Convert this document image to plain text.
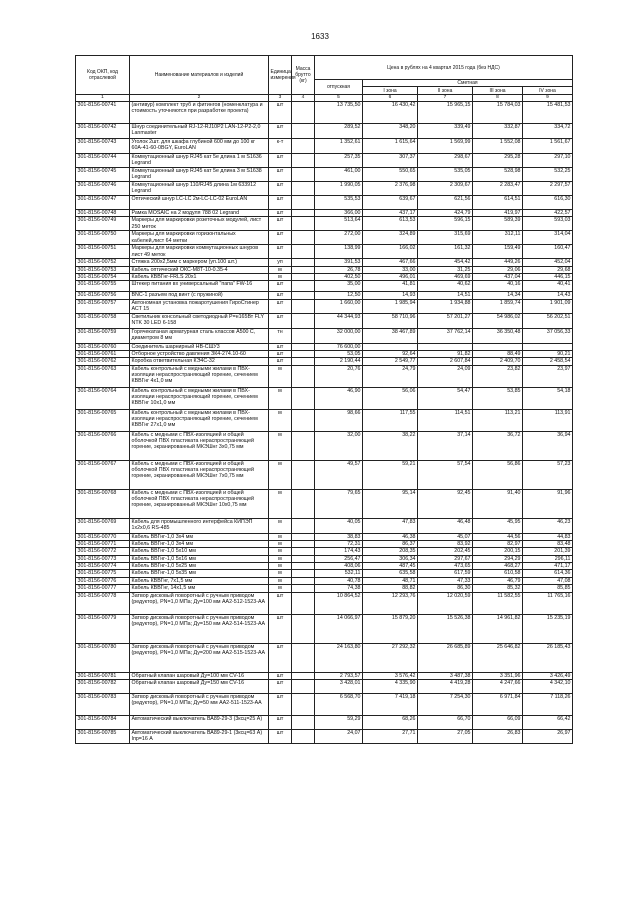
1633
Код ОКП, код отраслевой	Наименование материалов и изделий	Единица измерения	Масса брутто (кг)	Цена в рублях на 4 квартал 2015 года (без НДС)				
				отпускная	Сметная			
					I зона	II зона	III зона	IV зона
1	2	3	4	5	6	7	8	9
301-8156-00741	(антивур) комплект труб и фитингов (номенклатура и стоимость уточняются при разработке проекта)	шт		13 735,50	16 430,42	15 965,15	15 784,03	15 481,53
301-8156-00742	Шнур соединительный RJ-12-RJ10P2 LAN-12-P2-2,0 Lanmaster	шт		289,52	348,20	339,49	332,87	334,72
301-8156-00743	Уголок 2шт. для шкафа глубиной 600 мм до 100 кг 60A-41-60-0BGY, EuroLAN	к-т		1 352,61	1 615,64	1 569,99	1 552,08	1 561,67
301-8156-00744	Коммутационный шнур RJ45 кат 5e длина 1 м S1636 Legrand	шт		257,35	307,37	298,67	295,28	297,10
301-8156-00745	Коммутационный шнур RJ45 кат 5e длина 3 м S1638 Legrand	шт		461,00	550,65	535,05	528,98	532,25
301-8156-00746	Коммутационный шнур 110/RJ45 длина 1м 633912 Legrand	шт		1 990,05	2 376,98	2 309,67	2 283,47	2 297,57
301-8156-00747	Оптический шнур LC-LC 2м-LC-LC-02 EuroLAN	шт		535,53	639,67	621,56	614,51	616,30
301-8156-00748	Рамка MOSAIC на 2 модуля 788 02 Legrand	шт		366,00	437,17	424,79	419,97	422,57
301-8156-00749	Маркеры для маркировки розеточных модулей, лист 250 меток	шт		513,64	613,53	596,15	589,39	593,03
301-8156-00750	Маркеры для маркировки горизонтальных кабелей,лист 64 метки	шт		272,00	324,89	315,69	312,11	314,04
301-8156-00751	Маркеры для маркировки коммутационных шнуров лист 49 меток	шт		138,99	166,02	161,32	159,49	160,47
301-8156-00752	Стяжка 200х2,5мм с маркером (уп.100 шт.)	уп		391,53	467,66	454,42	449,26	452,04
301-8156-00753	Кабель оптический ОКС-М8Т-10-0.35-4	м		26,78	33,00	31,25	29,06	29,68
301-8156-00754	Кабель КВВГнг-FRLS 20х1	м		402,50	496,01	469,69	437,04	446,15
301-8156-00755	Штекер питания вх универсальный "папа" FW-16	шт		35,00	41,81	40,62	40,16	40,41
301-8156-00756	BNC-1 разъем под винт (с пружиной)	шт		12,50	14,93	14,51	14,34	14,43
301-8156-00757	Автономная установка пожаротушения ГироСтинер АСТ 15	шт		1 660,00	1 985,94	1 934,88	1 859,74	1 901,09
301-8156-00758	Светильник консольный светодиодный Р=н165Вт FLY NTK 30 LED 6-158	шт		44 344,93	58 710,96	57 201,27	54 986,02	56 202,51
301-8156-00759	Горячекатаная арматурная сталь классов А500 С, диаметром 8 мм	тн		32 000,00	38 467,89	37 762,14	36 350,48	37 056,33
301-8156-00760	Соединитель шарнирный НВ-СШУ3	шт		76 600,00				
301-8156-00761	Отборное устройство давления ЗК4-274.10-60	шт		53,05	92,64	91,82	88,49	90,21
301-8156-00762	Коробка ответвительная КЭ4С-32	шт		2 190,44	2 549,77	2 607,84	2 409,70	2 458,54
301-8156-00763	Кабель контрольный с медными жилами в ПВХ-изоляции нераспространяющий горение, сечением КВВГнг 4х1,0 мм	м		20,76	24,79	24,09	23,82	23,97
301-8156-00764	Кабель контрольный с медными жилами в ПВХ-изоляции нераспространяющий горение, сечением КВВГнг 10х1,0 мм	м		46,90	56,06	54,47	53,85	54,18
301-8156-00765	Кабель контрольный с медными жилами в ПВХ-изоляции нераспространяющий горение, сечением КВВГнг 27х1,0 мм	м		98,66	117,55	114,51	113,21	113,91
301-8156-00766	Кабель с медными с ПВХ-изоляцией и общей оболочкой ПВХ пластиката нераспространяющей горение, экранированный МКЭШнг 3х0,75 мм	м		32,00	38,22	37,14	36,72	36,94
301-8156-00767	Кабель с медными с ПВХ-изоляцией и общей оболочкой ПВХ пластиката нераспространяющей горение, экранированный МКЭШнг 7х0,75 мм	м		49,57	59,21	57,54	56,86	57,23
301-8156-00768	Кабель с медными с ПВХ-изоляцией и общей оболочкой ПВХ пластиката нераспространяющей горение, экранированный МКЭШнг 10х0,75 мм	м		79,65	95,14	92,45	91,40	91,96
301-8156-00769	Кабель для промышленного интерфейса КИПЭП 1х2х0,6 RS-485	м		40,05	47,83	46,48	45,95	46,23
301-8156-00770	Кабель ВВГнг-1,0 3х4 мм	м		38,83	46,38	45,07	44,56	44,83
301-8156-00771	Кабель ВВГнг-1,0 3х4 мм	м		72,31	86,37	83,92	82,97	83,48
301-8156-00772	Кабель ВВГнг-1,0 5х10 мм	м		174,43	208,35	202,45	200,15	201,39
301-8156-00773	Кабель ВВГнг-1,0 5х16 мм	м		256,47	306,34	297,67	294,29	296,11
301-8156-00774	Кабель ВВГнг-1,0 5х25 мм	м		408,06	487,45	473,65	468,27	471,17
301-8156-00775	Кабель ВВГнг-1,0 5х35 мм	м		532,11	635,58	617,59	610,58	614,36
301-8156-00776	Кабель КВВГнг, 7х1,5 мм	м		40,78	48,71	47,33	46,79	47,08
301-8156-00777	Кабель КВВГнг, 14х1,5 мм	м		74,38	88,82	86,30	85,32	85,85
301-8156-00778	Затвор дисковый поворотный с ручным приводом (редуктор), PN=1,0 МПа; Ду=100 мм АА2-512-1523-АА	шт		10 864,52	12 293,76	12 020,59	11 582,55	11 765,16
301-8156-00779	Затвор дисковый поворотный с ручным приводом (редуктор), PN=1,0 МПа; Ду=150 мм АА2-514-1523-АА	шт		14 066,97	15 879,20	15 526,38	14 961,82	15 235,19
301-8156-00780	Затвор дисковый поворотный с ручным приводом (редуктор), PN=1,0 МПа; Ду=200 мм АА2-515-1523-АА	шт		24 163,80	27 292,32	26 685,89	25 646,82	26 185,43
301-8156-00781	Обратный клапан шаровый Ду=100 мм CV-16	шт		2 793,57	3 576,42	3 487,38	3 351,96	3 426,49
301-8156-00782	Обратный клапан шаровый Ду=150 мм CV-16	шт		3 428,01	4 335,90	4 419,28	4 247,66	4 342,10
301-8156-00783	Затвор дисковый поворотный с ручным приводом (редуктор), PN=1,0 МПа; Ду=50 мм АА2-511-1523-АА	шт		6 568,70	7 419,18	7 254,30	6 971,84	7 118,26
301-8156-00784	Автоматический выключатель ВА89-29-3 (3ксц=25 А)	шт		59,29	68,26	66,70	66,09	66,42
301-8156-00785	Автоматический выключатель ВА89-29-1 (3ксц=63 А) Iпр=16 А	шт		24,07	27,71	27,05	26,83	26,97
